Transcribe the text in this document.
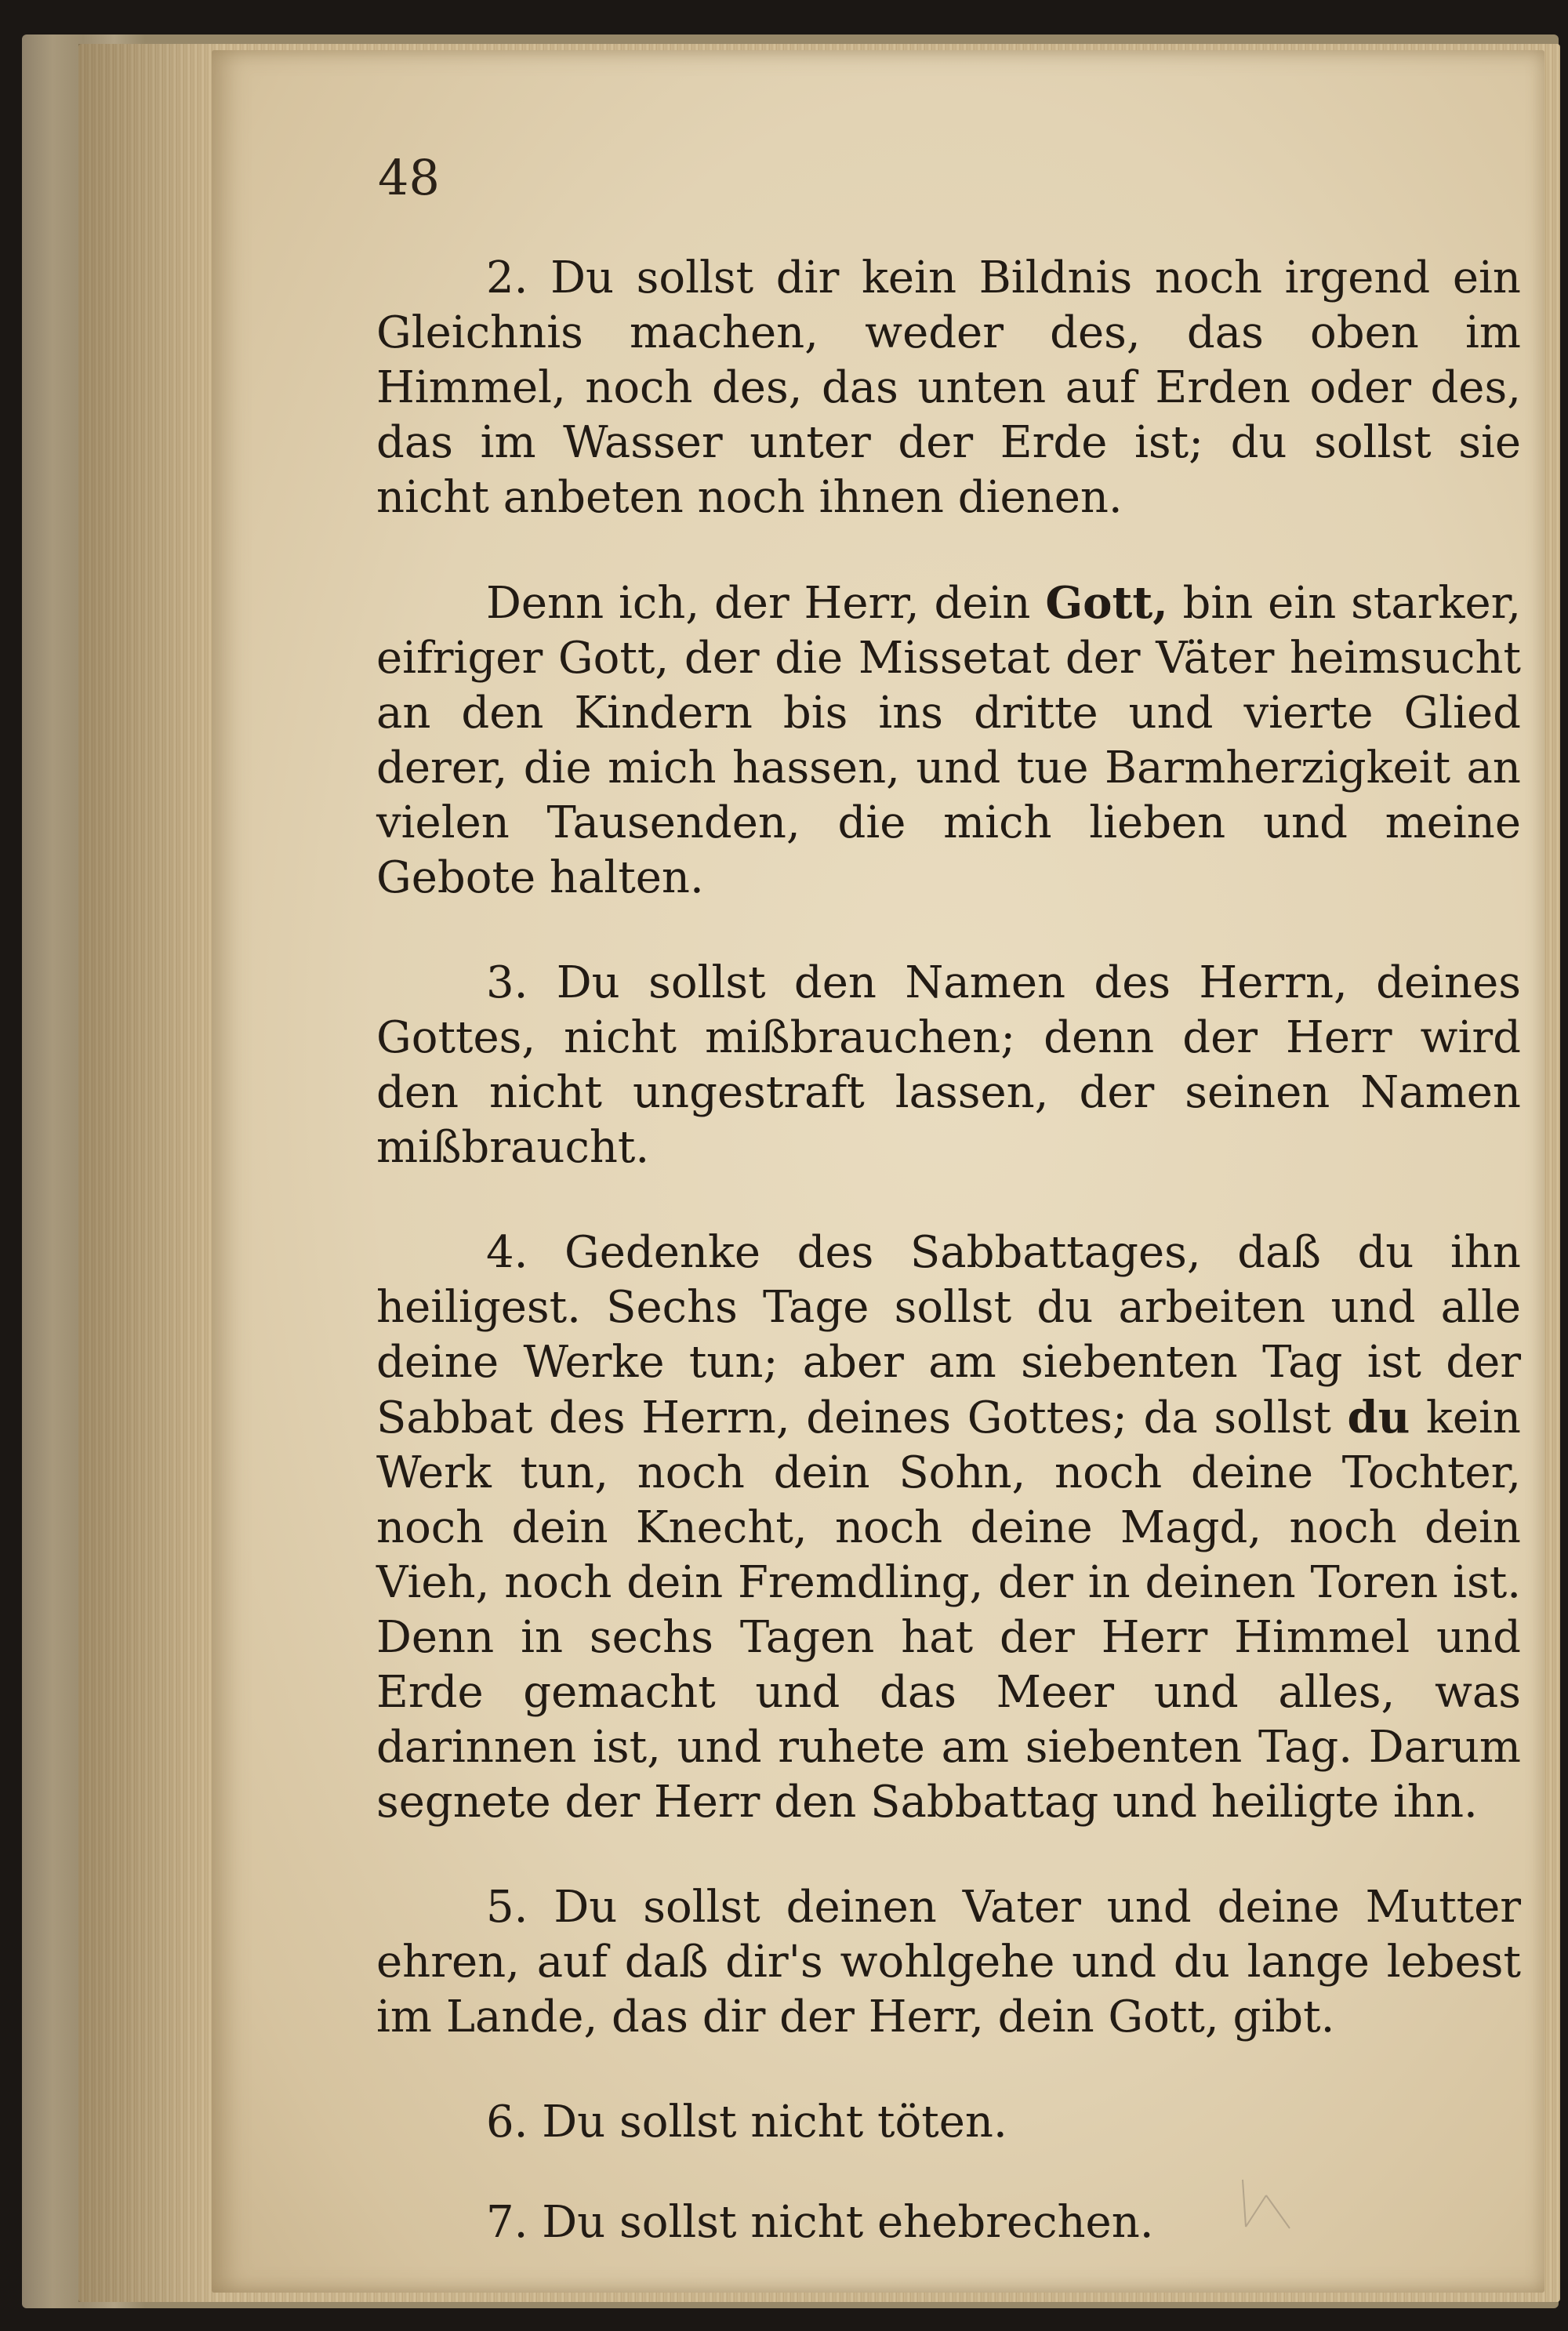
48

2. Du sollst dir kein Bildnis noch irgend ein Gleichnis machen, weder des, das oben im Himmel, noch des, das unten auf Erden oder des, das im Wasser unter der Erde ist; du sollst sie nicht anbeten noch ihnen dienen.

Denn ich, der Herr, dein Gott, bin ein starker, eifriger Gott, der die Missetat der Väter heimsucht an den Kindern bis ins dritte und vierte Glied derer, die mich hassen, und tue Barmherzigkeit an vielen Tausenden, die mich lieben und meine Gebote halten.

3. Du sollst den Namen des Herrn, deines Gottes, nicht mißbrauchen; denn der Herr wird den nicht ungestraft lassen, der seinen Namen mißbraucht.

4. Gedenke des Sabbattages, daß du ihn heiligest. Sechs Tage sollst du arbeiten und alle deine Werke tun; aber am siebenten Tag ist der Sabbat des Herrn, deines Gottes; da sollst du kein Werk tun, noch dein Sohn, noch deine Tochter, noch dein Knecht, noch deine Magd, noch dein Vieh, noch dein Fremdling, der in deinen Toren ist. Denn in sechs Tagen hat der Herr Himmel und Erde gemacht und das Meer und alles, was darinnen ist, und ruhete am siebenten Tag. Darum segnete der Herr den Sabbattag und heiligte ihn.

5. Du sollst deinen Vater und deine Mutter ehren, auf daß dir's wohlgehe und du lange lebest im Lande, das dir der Herr, dein Gott, gibt.

6. Du sollst nicht töten.

7. Du sollst nicht ehebrechen.
